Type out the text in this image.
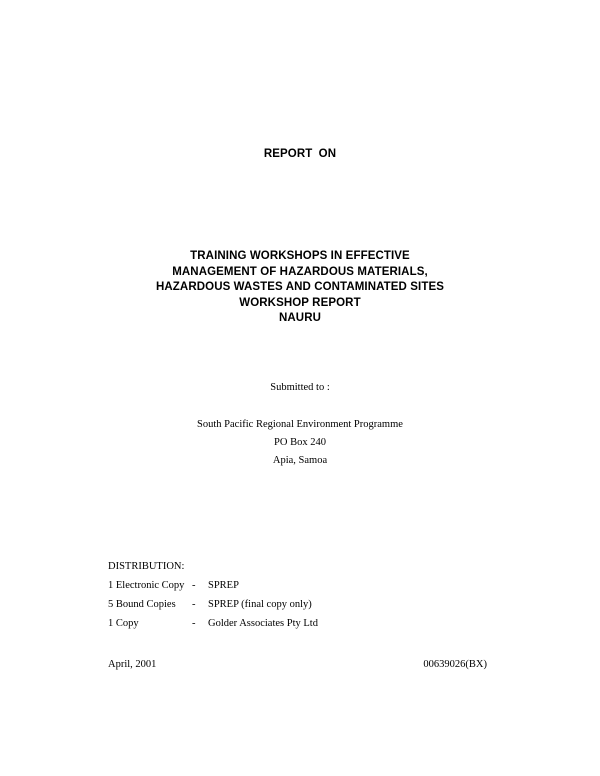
REPORT ON
TRAINING WORKSHOPS IN EFFECTIVE
MANAGEMENT OF HAZARDOUS MATERIALS,
HAZARDOUS WASTES AND CONTAMINATED SITES
WORKSHOP REPORT
NAURU
Submitted to :
South Pacific Regional Environment Programme
PO Box 240
Apia, Samoa
DISTRIBUTION:
1 Electronic Copy - SPREP
5 Bound Copies - SPREP (final copy only)
1 Copy	- Golder Associates Pty Ltd
April, 2001	00639026(BX)
